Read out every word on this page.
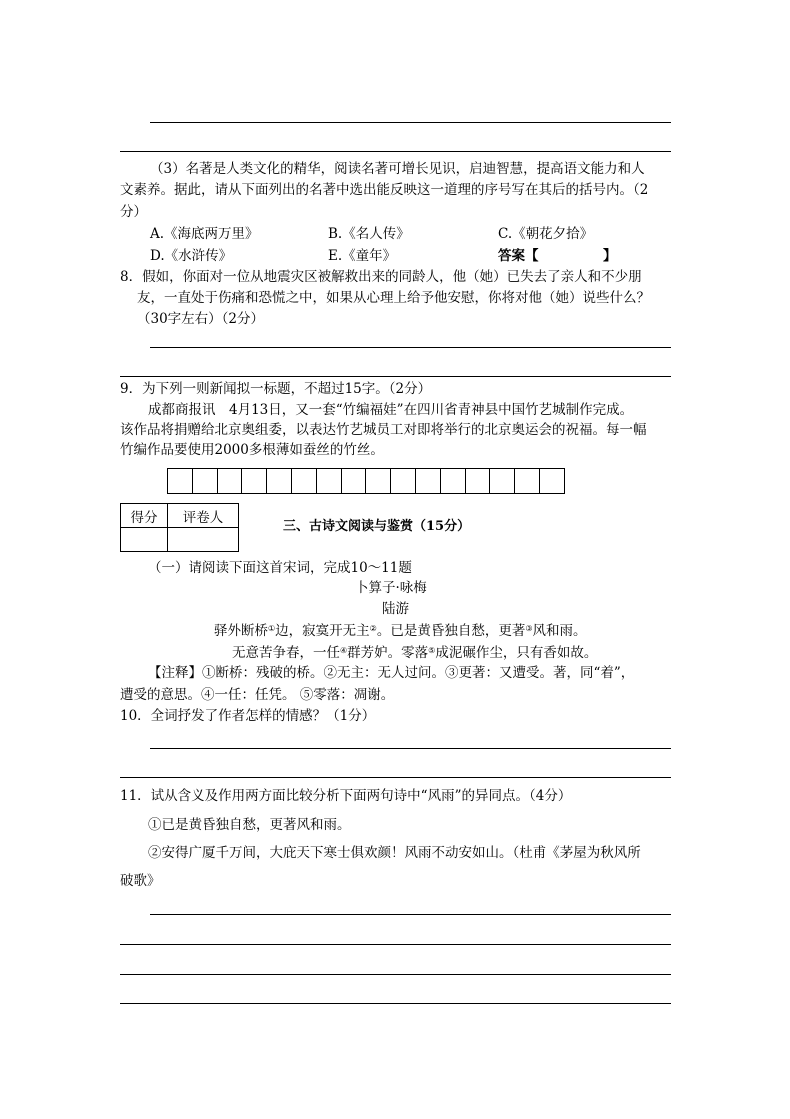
（3）名著是人类文化的精华，阅读名著可增长见识，启迪智慧，提高语文能力和人
文素养。据此，请从下面列出的名著中选出能反映这一道理的序号写在其后的括号内。（2
分）
A.《海底两万里》	B.《名人传》	C.《朝花夕拾》
D.《水浒传》	E.《童年》	答案【	】
8．假如，你面对一位从地震灾区被解救出来的同龄人，他（她）已失去了亲人和不少朋
友，一直处于伤痛和恐慌之中，如果从心理上给予他安慰，你将对他（她）说些什么？
（30字左右）（2分）
9．为下列一则新闻拟一标题，不超过15字。（2分）
成都商报讯　4月13日，又一套“竹编福娃”在四川省青神县中国竹艺城制作完成。
该作品将捐赠给北京奥组委，以表达竹艺城员工对即将举行的北京奥运会的祝福。每一幅
竹编作品要使用2000多根薄如蚕丝的竹丝。
得分	评卷人

三、古诗文阅读与鉴赏（15分）
（一）请阅读下面这首宋词，完成10～11题
卜算子·咏梅
陆游
驿外断桥①边，寂寞开无主②。已是黄昏独自愁，更著③风和雨。
无意苦争春，一任④群芳妒。零落⑤成泥碾作尘，只有香如故。
【注释】①断桥：残破的桥。②无主：无人过问。③更著：又遭受。著，同“着”，
遭受的意思。④一任：任凭。 ⑤零落：凋谢。
10．全词抒发了作者怎样的情感？（1分）
11．试从含义及作用两方面比较分析下面两句诗中“风雨”的异同点。（4分）
①已是黄昏独自愁，更著风和雨。
②安得广厦千万间，大庇天下寒士俱欢颜！风雨不动安如山。（杜甫《茅屋为秋风所
破歌》
